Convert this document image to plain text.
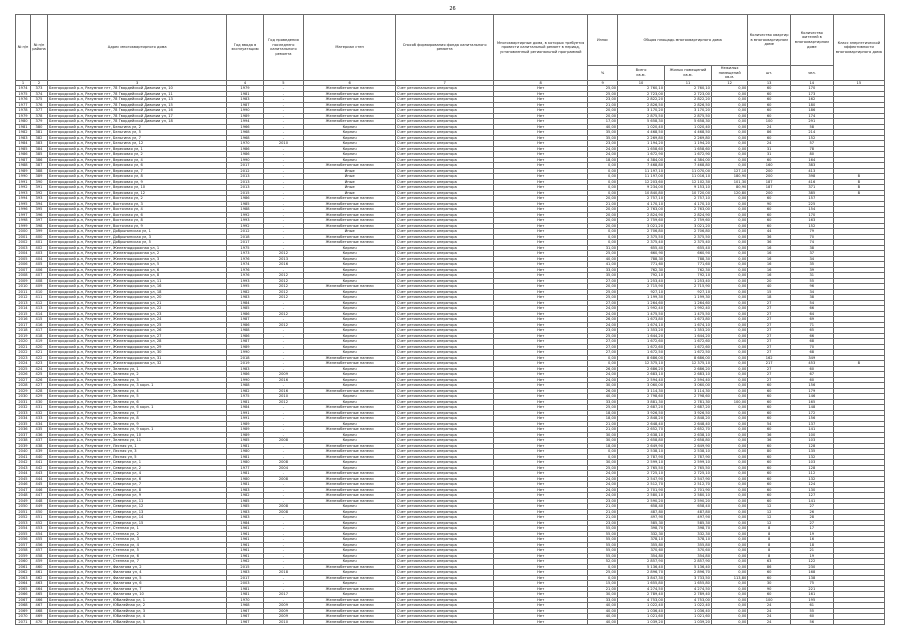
26
№ п/п	№ п/п района	Адрес многоквартирного дома	Год ввода в эксплуатацию	Год проведения последнего капитального ремонта	Материал стен	Способ формирования фонда капитального ремонта	Многоквартирные дома, в которых требуется провести капитальный ремонт в период, установленный региональной программой	Износ	Общая площадь многоквартирного дома			Количество квартир в многоквартирном доме	Количество жителей в многоквартирном доме	Класс энергетической эффективности многоквартирного дома
								%	Всего
кв.м.	Жилых помещений
кв.м.	Нежилых помещений
кв.м.	шт.	чел.	
1	2	3	4	5	6	7	8	9	10	11	12	13	14	15
1974	373	Белгородский р-н, Разумное пгт, 78 Гвардейской Дивизии ул, 10	1979	-	Железобетонные панели	Счет регионального оператора	Нет	25,00	2 760,10	2 760,10	0,00	60	170	
1975	374	Белгородский р-н, Разумное пгт, 78 Гвардейской Дивизии ул, 11	1981	-	Железобетонные панели	Счет регионального оператора	Нет	25,00	2 723,00	2 723,00	0,00	60	173	
1976	375	Белгородский р-н, Разумное пгт, 78 Гвардейской Дивизии ул, 13	1983	-	Железобетонные панели	Счет регионального оператора	Нет	23,00	2 822,20	2 822,20	0,00	60	162	
1977	376	Белгородский р-н, Разумное пгт, 78 Гвардейской Дивизии ул, 15	1987	-	Железобетонные панели	Счет регионального оператора	Нет	21,00	2 826,50	2 826,50	0,00	60	180	
1978	377	Белгородский р-н, Разумное пгт, 78 Гвардейской Дивизии ул, 16	1990	-	Железобетонные панели	Счет регионального оператора	Нет	20,00	3 170,20	3 170,20	0,00	60	186	
1979	378	Белгородский р-н, Разумное пгт, 78 Гвардейской Дивизии ул, 17	1989	-	Железобетонные панели	Счет регионального оператора	Нет	20,00	2 875,50	2 875,50	0,00	60	174	
1980	379	Белгородский р-н, Разумное пгт, 78 Гвардейской Дивизии ул, 18	1994	-	Железобетонные панели	Счет регионального оператора	Нет	17,00	5 658,30	5 658,30	0,00	100	291	
1981	380	Белгородский р-н, Разумное пгт, Бельгина ул, 2	1966	-	Кирпич	Счет регионального оператора	Нет	40,00	1 020,40	1 020,40	0,00	24	58	
1982	381	Белгородский р-н, Разумное пгт, Бельгина ул, 5	1968	-	Кирпич	Счет регионального оператора	Нет	35,00	4 468,50	4 468,50	0,00	86	214	
1983	382	Белгородский р-н, Разумное пгт, Бельгина ул, 7	1968	-	Кирпич	Счет регионального оператора	Нет	35,00	2 269,80	2 269,80	0,00	60	152	
1984	383	Белгородский р-н, Разумное пгт, Бельгина ул, 12	1970	2010	Кирпич	Счет регионального оператора	Нет	23,00	1 194,20	1 194,20	0,00	24	57	
1985	384	Белгородский р-н, Разумное пгт, Вересовая ул, 1	1986	-	Кирпич	Счет регионального оператора	Нет	24,00	1 658,60	1 658,60	0,00	31	78	
1986	385	Белгородский р-н, Разумное пгт, Вересовая ул, 2	1986	-	Кирпич	Счет регионального оператора	Нет	24,00	1 672,90	1 672,90	0,00	31	80	
1987	386	Белгородский р-н, Разумное пгт, Вересовая ул, 4	1990	-	Кирпич	Счет регионального оператора	Нет	18,00	4 384,00	4 384,00	0,00	60	164	
1988	387	Белгородский р-н, Разумное пгт, Вересовая ул, 6	2017	-	Железобетонные панели	Счет регионального оператора	Нет	0,00	7 468,80	7 468,80	0,00	160	383	
1989	388	Белгородский р-н, Разумное пгт, Вересовая ул, 7	2012	-	Иные	Счет регионального оператора	Нет	0,00	11 197,10	11 070,00	127,10	200	413	
1990	389	Белгородский р-н, Разумное пгт, Вересовая ул, 8	2013	-	Иные	Счет регионального оператора	Нет	0,00	11 197,00	11 016,10	180,90	200	398	B
1991	390	Белгородский р-н, Разумное пгт, Вересовая ул, 9	2013	-	Иные	Счет регионального оператора	Нет	0,00	12 203,60	12 102,30	101,30	187	416	B
1992	391	Белгородский р-н, Разумное пгт, Вересовая ул, 10	2013	-	Иные	Счет регионального оператора	Нет	0,00	9 234,00	9 153,10	80,90	187	371	B
1993	392	Белгородский р-н, Разумное пгт, Вересовая ул, 12	2015	-	Иные	Счет регионального оператора	Нет	0,00	10 840,80	10 720,00	120,80	200	385	B
1994	393	Белгородский р-н, Разумное пгт, Восточная ул, 2	1986	-	Железобетонные панели	Счет регионального оператора	Нет	20,00	2 757,10	2 757,10	0,00	60	157	
1995	394	Белгородский р-н, Разумное пгт, Восточная ул, 3	1985	-	Железобетонные панели	Счет регионального оператора	Нет	21,00	4 170,10	4 170,10	0,00	90	225	
1996	395	Белгородский р-н, Разумное пгт, Восточная ул, 4	1988	-	Железобетонные панели	Счет регионального оператора	Нет	20,00	2 763,00	2 763,00	0,00	60	154	
1997	396	Белгородский р-н, Разумное пгт, Восточная ул, 6	1992	-	Железобетонные панели	Счет регионального оператора	Нет	20,00	2 824,90	2 824,90	0,00	60	170	
1998	397	Белгородский р-н, Разумное пгт, Восточная ул, 8	1993	-	Железобетонные панели	Счет регионального оператора	Нет	20,00	2 759,60	2 759,60	0,00	60	163	
1999	398	Белгородский р-н, Разумное пгт, Восточная ул, 9	1992	-	Железобетонные панели	Счет регионального оператора	Нет	20,00	3 021,20	3 021,20	0,00	60	152	
2000	399	Белгородский р-н, Разумное пгт, Добрынинская ул, 1	2012	-	Иные	Счет регионального оператора	Нет	0,00	2 706,80	2 706,80	0,00	44	79	
2001	400	Белгородский р-н, Разумное пгт, Добрынинская ул, 3	2018	-	Железобетонные панели	Счет регионального оператора	Нет	0,00	2 375,50	2 375,50	0,00	36	70	
2002	401	Белгородский р-н, Разумное пгт, Добрынинская ул, 5	2017	-	Железобетонные панели	Счет регионального оператора	Нет	0,00	2 375,40	2 375,40	0,00	36	74	
2003	402	Белгородский р-н, Разумное пгт, Железнодорожная ул, 1	1975	-	Кирпич	Счет регионального оператора	Нет	31,00	655,40	655,40	0,00	16	38	
2004	403	Белгородский р-н, Разумное пгт, Железнодорожная ул, 2	1973	2012	Кирпич	Счет регионального оператора	Нет	25,00	660,90	660,90	0,00	16	37	
2005	404	Белгородский р-н, Разумное пгт, Железнодорожная ул, 3	1976	2013	Кирпич	Счет регионального оператора	Нет	40,00	788,30	788,30	0,00	16	34	
2006	405	Белгородский р-н, Разумное пгт, Железнодорожная ул, 5	1974	2016	Кирпич	Счет регионального оператора	Нет	41,00	771,60	771,60	0,00	16	35	
2007	406	Белгородский р-н, Разумное пгт, Железнодорожная ул, 6	1976	-	Кирпич	Счет регионального оператора	Нет	33,00	762,30	762,30	0,00	16	39	
2008	407	Белгородский р-н, Разумное пгт, Железнодорожная ул, 8	1976	2012	Кирпич	Счет регионального оператора	Нет	35,00	792,10	792,10	0,00	16	31	
2009	408	Белгородский р-н, Разумное пгт, Железнодорожная ул, 11	1993	2012	Кирпич	Счет регионального оператора	Нет	27,00	1 253,40	1 253,40	0,00	20	55	
2010	409	Белгородский р-н, Разумное пгт, Железнодорожная ул, 16	1995	2012	Железобетонные панели	Счет регионального оператора	Нет	20,00	2 715,90	2 715,90	0,00	40	96	
2011	410	Белгородский р-н, Разумное пгт, Железнодорожная ул, 18	1982	2012	Кирпич	Счет регионального оператора	Нет	25,00	927,10	927,10	0,00	15	34	
2012	411	Белгородский р-н, Разумное пгт, Железнодорожная ул, 20	1983	2012	Кирпич	Счет регионального оператора	Нет	25,00	1 199,30	1 199,30	0,00	18	38	
2013	412	Белгородский р-н, Разумное пгт, Железнодорожная ул, 21	1984	-	Кирпич	Счет регионального оператора	Нет	27,00	1 264,60	1 264,60	0,00	27	54	
2014	413	Белгородский р-н, Разумное пгт, Железнодорожная ул, 22	1985	-	Кирпич	Счет регионального оператора	Нет	24,00	1 992,40	1 992,40	0,00	27	66	
2015	414	Белгородский р-н, Разумное пгт, Железнодорожная ул, 23	1986	2012	Кирпич	Счет регионального оператора	Нет	24,00	1 475,50	1 475,50	0,00	27	64	
2016	415	Белгородский р-н, Разумное пгт, Железнодорожная ул, 24	1987	-	Кирпич	Счет регионального оператора	Нет	26,00	1 673,80	1 673,80	0,00	27	69	
2017	416	Белгородский р-н, Разумное пгт, Железнодорожная ул, 25	1986	2012	Кирпич	Счет регионального оператора	Нет	24,00	1 674,10	1 674,10	0,00	27	71	
2018	417	Белгородский р-н, Разумное пгт, Железнодорожная ул, 26	1988	-	Кирпич	Счет регионального оператора	Нет	23,00	1 353,20	1 353,20	0,00	27	65	
2019	418	Белгородский р-н, Разумное пгт, Железнодорожная ул, 27	1986	-	Кирпич	Счет регионального оператора	Нет	25,00	1 644,20	1 644,20	0,00	27	66	
2020	419	Белгородский р-н, Разумное пгт, Железнодорожная ул, 28	1987	-	Кирпич	Счет регионального оператора	Нет	27,00	1 672,60	1 672,60	0,00	27	68	
2021	420	Белгородский р-н, Разумное пгт, Железнодорожная ул, 29	1989	-	Кирпич	Счет регионального оператора	Нет	27,00	1 672,60	1 672,60	0,00	27	70	
2022	421	Белгородский р-н, Разумное пгт, Железнодорожная ул, 30	1990	-	Кирпич	Счет регионального оператора	Нет	27,00	1 672,50	1 672,50	0,00	27	68	
2023	422	Белгородский р-н, Разумное пгт, Железнодорожная ул, 31	2018	-	Железобетонные панели	Счет регионального оператора	Нет	0,00	8 686,00	8 686,00	0,00	162	349	
2024	423	Белгородский р-н, Разумное пгт, Железнодорожная ул, 32	2019	-	Железобетонные панели	Счет регионального оператора	Нет	0,00	12 375,10	12 375,10	0,00	217	453	B
2025	424	Белгородский р-н, Разумное пгт, Зеленая ул, 1	1983	-	Кирпич	Счет регионального оператора	Нет	26,00	2 686,20	2 686,20	0,00	27	60	
2026	425	Белгородский р-н, Разумное пгт, Зеленая ул, 2	1986	2009	Кирпич	Счет регионального оператора	Нет	24,00	2 683,10	2 683,10	0,00	27	67	
2027	426	Белгородский р-н, Разумное пгт, Зеленая ул, 3	1990	2016	Кирпич	Счет регионального оператора	Нет	24,00	2 594,40	2 594,40	0,00	27	60	
2028	427	Белгородский р-н, Разумное пгт, Зеленая ул, 3 корп. 1	1988	-	Кирпич	Счет регионального оператора	Нет	30,00	3 060,00	3 060,00	0,00	60	156	
2029	428	Белгородский р-н, Разумное пгт, Зеленая ул, 4	1982	2016	Железобетонные панели	Счет регионального оператора	Нет	26,00	3 114,30	3 114,30	0,00	60	179	
2030	429	Белгородский р-н, Разумное пгт, Зеленая ул, 5	1975	2010	Кирпич	Счет регионального оператора	Нет	40,00	2 798,60	2 798,60	0,00	60	146	
2031	430	Белгородский р-н, Разумное пгт, Зеленая ул, 6	1981	2012	Кирпич	Счет регионального оператора	Нет	33,00	3 881,30	2 781,30	100,00	60	165	
2032	431	Белгородский р-н, Разумное пгт, Зеленая ул, 6 корп. 1	1984	-	Железобетонные панели	Счет регионального оператора	Нет	25,00	2 687,20	2 687,20	0,00	60	148	
2033	432	Белгородский р-н, Разумное пгт, Зеленая ул, 7	1991	-	Железобетонные панели	Счет регионального оператора	Нет	18,00	3 926,50	3 926,50	0,00	60	172	
2034	433	Белгородский р-н, Разумное пгт, Зеленая ул, 8	1991	-	Железобетонные панели	Счет регионального оператора	Нет	18,00	2 848,20	2 848,20	0,00	60	156	
2035	434	Белгородский р-н, Разумное пгт, Зеленая ул, 9	1989	-	Кирпич	Счет регионального оператора	Нет	21,00	2 648,40	2 648,40	0,00	54	137	
2036	435	Белгородский р-н, Разумное пгт, Зеленая ул, 9 корп. 1	1989	-	Железобетонные панели	Счет регионального оператора	Нет	21,00	2 652,70	2 652,70	0,00	60	141	
2037	436	Белгородский р-н, Разумное пгт, Зеленая ул, 10	1989	-	Кирпич	Счет регионального оператора	Нет	30,00	2 638,10	2 638,10	0,00	36	100	
2038	437	Белгородский р-н, Разумное пгт, Зеленая ул, 11	1985	2008	Кирпич	Счет регионального оператора	Нет	30,00	2 658,80	2 658,80	0,00	36	103	
2039	438	Белгородский р-н, Разумное пгт, Лесная ул, 1	1981	-	Железобетонные панели	Счет регионального оператора	Нет	18,00	2 649,90	2 649,90	0,00	60	128	
2040	439	Белгородский р-н, Разумное пгт, Лесная ул, 3	1980	-	Железобетонные панели	Счет регионального оператора	Нет	0,00	2 538,10	2 538,10	0,00	80	135	
2041	440	Белгородский р-н, Разумное пгт, Лесная ул, 5	1981	-	Железобетонные панели	Счет регионального оператора	Нет	0,00	2 787,90	2 787,90	0,00	60	132	
2042	441	Белгородский р-н, Разумное пгт, Северная ул, 1	1980	2008	Кирпич	Счет регионального оператора	Нет	30,00	2 599,10	2 599,10	0,00	60	103	
2043	442	Белгородский р-н, Разумное пгт, Северная ул, 2	1977	2004	Кирпич	Счет регионального оператора	Нет	25,00	2 765,50	2 765,50	0,00	60	128	
2044	443	Белгородский р-н, Разумное пгт, Северная ул, 4	1981	-	Железобетонные панели	Счет регионального оператора	Нет	24,00	2 725,10	2 725,10	0,00	60	112	
2045	444	Белгородский р-н, Разумное пгт, Северная ул, 6	1980	2008	Железобетонные панели	Счет регионального оператора	Нет	24,00	2 547,90	2 547,90	0,00	60	132	
2046	445	Белгородский р-н, Разумное пгт, Северная ул, 7	1981	-	Железобетонные панели	Счет регионального оператора	Нет	24,00	2 512,70	2 512,70	0,00	60	124	
2047	446	Белгородский р-н, Разумное пгт, Северная ул, 8	1983	-	Железобетонные панели	Счет регионального оператора	Нет	24,00	2 701,90	2 701,90	0,00	60	130	
2048	447	Белгородский р-н, Разумное пгт, Северная ул, 9	1982	-	Железобетонные панели	Счет регионального оператора	Нет	24,00	2 580,10	2 580,10	0,00	60	127	
2049	448	Белгородский р-н, Разумное пгт, Северная ул, 11	1985	-	Железобетонные панели	Счет регионального оператора	Нет	23,00	2 590,20	2 590,20	0,00	60	141	
2050	449	Белгородский р-н, Разумное пгт, Северная ул, 12	1985	2008	Кирпич	Счет регионального оператора	Нет	21,00	658,40	658,40	0,00	12	27	
2051	450	Белгородский р-н, Разумное пгт, Северная ул, 13	1983	2008	Кирпич	Счет регионального оператора	Нет	21,00	487,80	487,80	0,00	12	26	
2052	451	Белгородский р-н, Разумное пгт, Северная ул, 14	1983	-	Кирпич	Счет регионального оператора	Нет	21,00	497,90	497,90	0,00	12	28	
2053	452	Белгородский р-н, Разумное пгт, Северная ул, 15	1984	-	Кирпич	Счет регионального оператора	Нет	23,00	585,30	585,30	0,00	12	27	
2054	453	Белгородский р-н, Разумное пгт, Степная ул, 1	1961	-	Кирпич	Счет регионального оператора	Нет	55,00	398,70	398,70	0,00	8	17	
2055	454	Белгородский р-н, Разумное пгт, Степная ул, 2	1961	-	Кирпич	Счет регионального оператора	Нет	55,00	332,30	332,30	0,00	8	19	
2056	455	Белгородский р-н, Разумное пгт, Степная ул, 3	1961	-	Кирпич	Счет регионального оператора	Нет	55,00	378,10	378,10	0,00	8	16	
2057	456	Белгородский р-н, Разумное пгт, Степная ул, 4	1961	-	Кирпич	Счет регионального оператора	Нет	55,00	355,80	355,80	0,00	8	18	
2058	457	Белгородский р-н, Разумное пгт, Степная ул, 5	1961	-	Кирпич	Счет регионального оператора	Нет	55,00	370,60	370,60	0,00	8	21	
2059	458	Белгородский р-н, Разумное пгт, Степная ул, 6	1961	-	Кирпич	Счет регионального оператора	Нет	55,00	354,80	354,80	0,00	8	19	
2060	459	Белгородский р-н, Разумное пгт, Степная ул, 7	1962	-	Кирпич	Счет регионального оператора	Нет	52,00	2 857,90	2 857,90	0,00	63	122	
2061	460	Белгородский р-н, Разумное пгт, Филатова ул, 2	2015	-	Железобетонные панели	Счет регионального оператора	Нет	0,00	5 136,40	5 136,40	0,00	86	230	
2062	461	Белгородский р-н, Разумное пгт, Филатова ул, 4	1983	2018	Кирпич	Счет регионального оператора	Нет	25,00	2 896,70	2 896,70	0,00	60	168	
2063	462	Белгородский р-н, Разумное пгт, Филатова ул, 5	2017	-	Железобетонные панели	Счет регионального оператора	Нет	0,00	3 847,30	3 733,50	113,80	60	138	
2064	463	Белгородский р-н, Разумное пгт, Филатова ул, 6	2003	-	Кирпич	Счет регионального оператора	Нет	15,00	1 655,80	1 655,80	0,00	30	75	
2065	464	Белгородский р-н, Разумное пгт, Филатова ул, 7	1981	-	Железобетонные панели	Счет регионального оператора	Нет	21,00	4 274,50	4 274,50	0,00	90	221	
2066	465	Белгородский р-н, Разумное пгт, Филатова ул, 10	1981	2017	Кирпич	Счет регионального оператора	Нет	30,00	2 789,40	2 789,40	0,00	60	161	
2067	466	Белгородский р-н, Разумное пгт, Юбилейная ул, 1	1970	-	Железобетонные панели	Счет регионального оператора	Нет	33,00	4 753,00	4 753,00	0,00	100	195	
2068	467	Белгородский р-н, Разумное пгт, Юбилейная ул, 2	1968	2009	Железобетонные панели	Счет регионального оператора	Нет	40,00	1 022,40	1 022,40	0,00	24	61	
2069	468	Белгородский р-н, Разумное пгт, Юбилейная ул, 3	1967	2009	Железобетонные панели	Счет регионального оператора	Нет	40,00	1 036,40	1 036,40	0,00	24	55	
2070	469	Белгородский р-н, Разумное пгт, Юбилейная ул, 4	1967	2009	Железобетонные панели	Счет регионального оператора	Нет	40,00	1 021,60	1 021,60	0,00	24	60	
2071	470	Белгородский р-н, Разумное пгт, Юбилейная ул, 5	1967	2010	Железобетонные панели	Счет регионального оператора	Нет	40,00	1 039,20	1 039,20	0,00	24	56	
